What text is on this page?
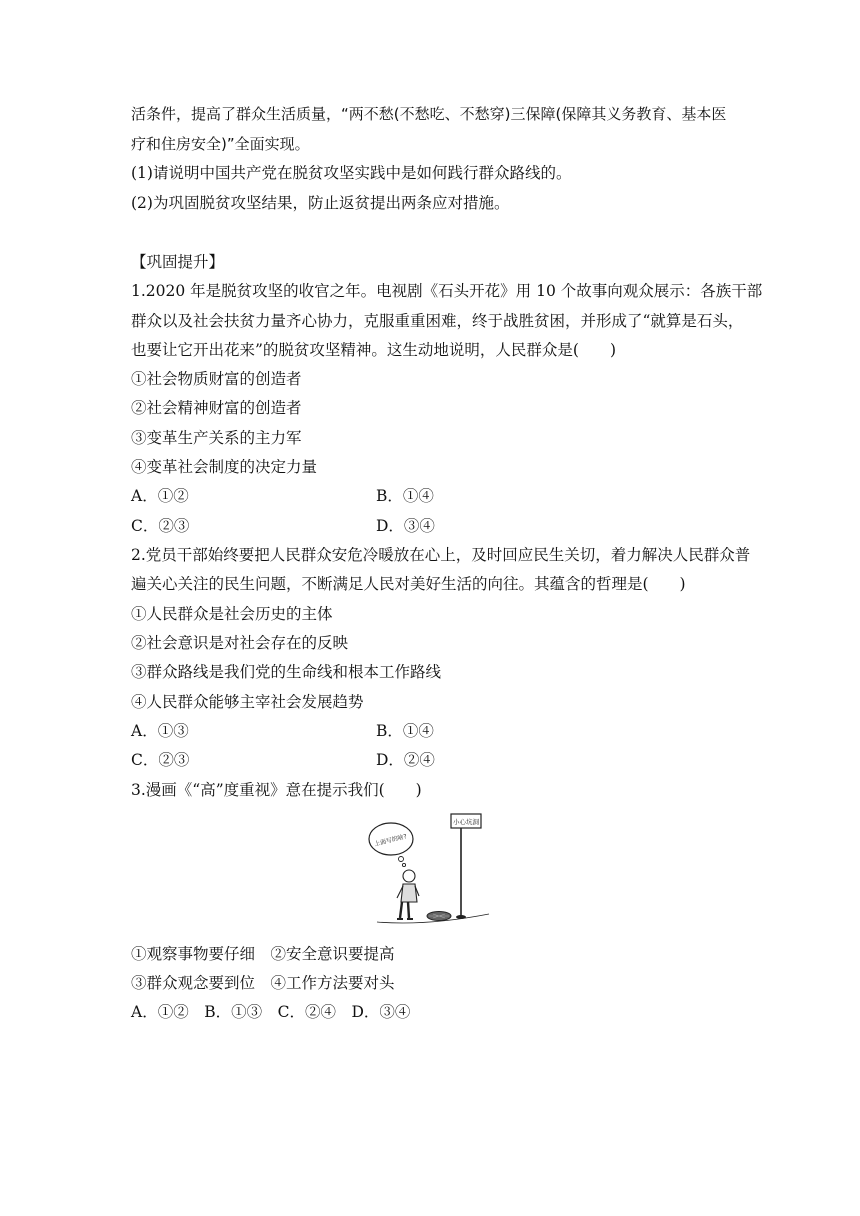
活条件，提高了群众生活质量，“两不愁(不愁吃、不愁穿)三保障(保障其义务教育、基本医
疗和住房安全)”全面实现。
(1)请说明中国共产党在脱贫攻坚实践中是如何践行群众路线的。
(2)为巩固脱贫攻坚结果，防止返贫提出两条应对措施。
【巩固提升】
1.2020 年是脱贫攻坚的收官之年。电视剧《石头开花》用 10 个故事向观众展示：各族干部
群众以及社会扶贫力量齐心协力，克服重重困难，终于战胜贫困，并形成了“就算是石头，
也要让它开出花来”的脱贫攻坚精神。这生动地说明，人民群众是(　　)
①社会物质财富的创造者
②社会精神财富的创造者
③变革生产关系的主力军
④变革社会制度的决定力量
A．①②	B．①④
C．②③	D．③④
2.党员干部始终要把人民群众安危冷暖放在心上，及时回应民生关切，着力解决人民群众普
遍关心关注的民生问题，不断满足人民对美好生活的向往。其蕴含的哲理是(　　)
①人民群众是社会历史的主体
②社会意识是对社会存在的反映
③群众路线是我们党的生命线和根本工作路线
④人民群众能够主宰社会发展趋势
A．①③	B．①④
C．②③	D．②④
3.漫画《“高”度重视》意在提示我们(　　)
小心坑洞
上面写的啥?
①观察事物要仔细　②安全意识要提高
③群众观念要到位　④工作方法要对头
A．①②　B．①③　C．②④　D．③④
